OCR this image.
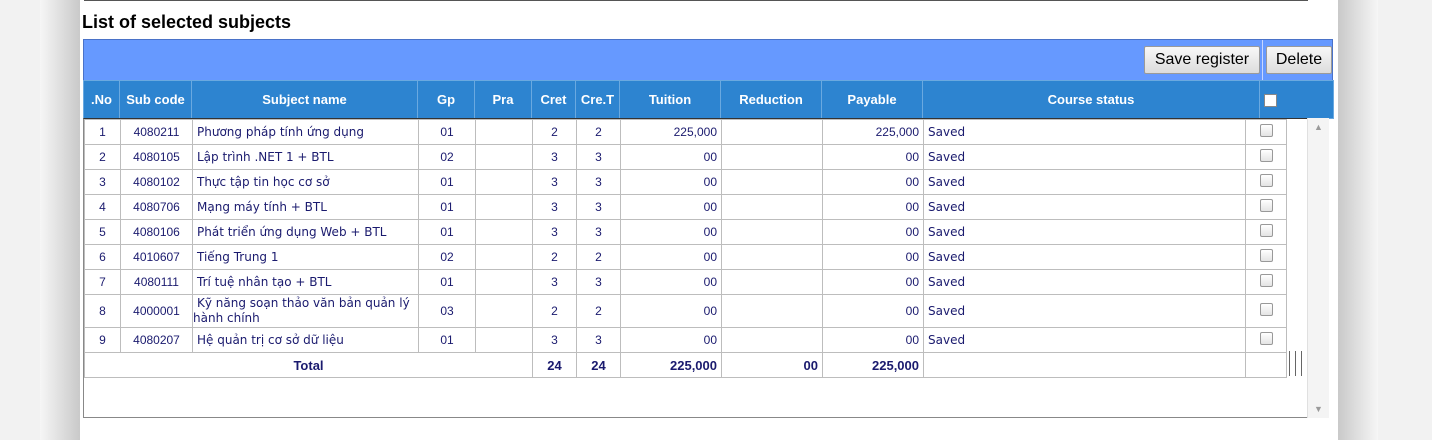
List of selected subjects
Save register	Delete
.No	Sub code	Subject name	Gp	Pra	Cret	Cre.T	Tuition	Reduction	Payable	Course status	
1	4080211	Phương pháp tính ứng dụng	01		2	2	225,000		225,000	Saved	
2	4080105	Lập trình .NET 1 + BTL	02		3	3	00		00	Saved	
3	4080102	Thực tập tin học cơ sở	01		3	3	00		00	Saved	
4	4080706	Mạng máy tính + BTL	01		3	3	00		00	Saved	
5	4080106	Phát triển ứng dụng Web + BTL	01		3	3	00		00	Saved	
6	4010607	Tiếng Trung 1	02		2	2	00		00	Saved	
7	4080111	Trí tuệ nhân tạo + BTL	01		3	3	00		00	Saved	
8	4000001	Kỹ năng soạn thảo văn bản quản lý
hành chính	03		2	2	00		00	Saved	
9	4080207	Hệ quản trị cơ sở dữ liệu	01		3	3	00		00	Saved	
Total					24	24	225,000	00	225,000		
▲
▼
